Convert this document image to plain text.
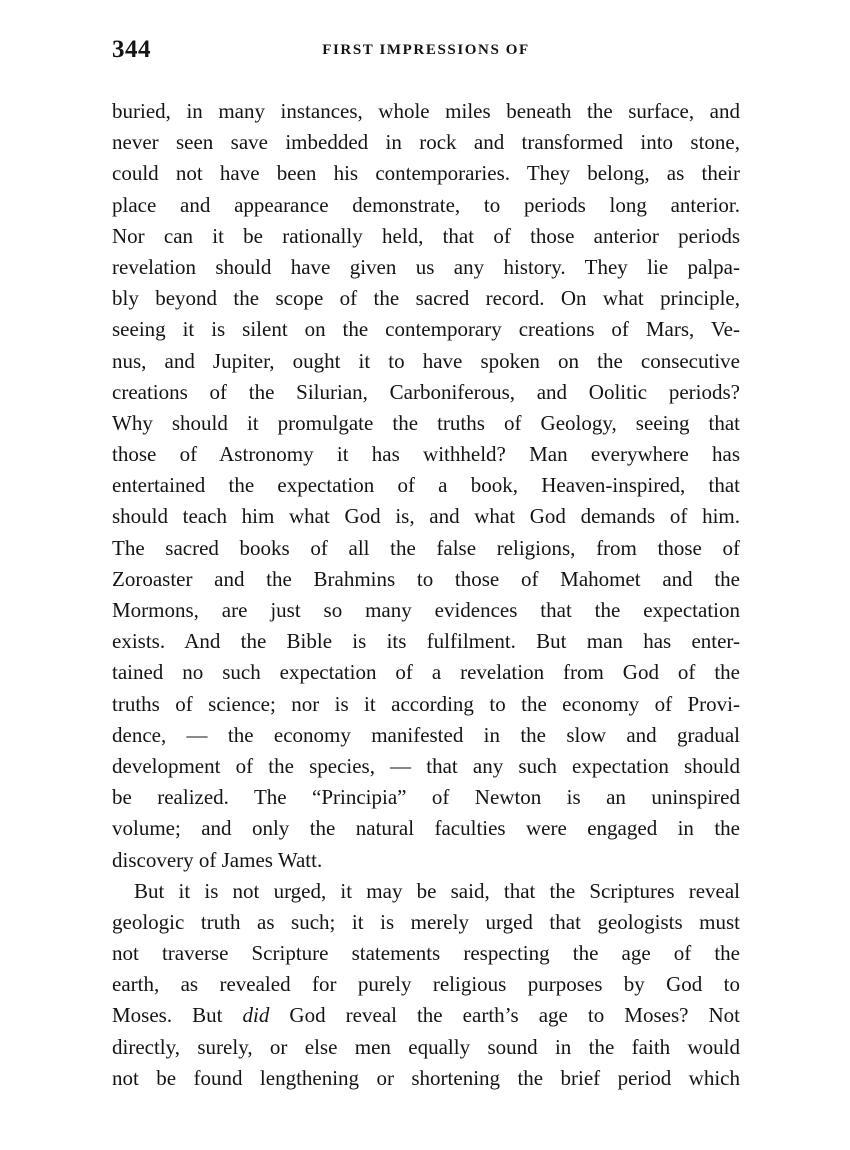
344	FIRST IMPRESSIONS OF
buried, in many instances, whole miles beneath the surface, and
never seen save imbedded in rock and transformed into stone,
could not have been his contemporaries. They belong, as their
place and appearance demonstrate, to periods long anterior.
Nor can it be rationally held, that of those anterior periods
revelation should have given us any history. They lie palpa-
bly beyond the scope of the sacred record. On what principle,
seeing it is silent on the contemporary creations of Mars, Ve-
nus, and Jupiter, ought it to have spoken on the consecutive
creations of the Silurian, Carboniferous, and Oolitic periods?
Why should it promulgate the truths of Geology, seeing that
those of Astronomy it has withheld? Man everywhere has
entertained the expectation of a book, Heaven-inspired, that
should teach him what God is, and what God demands of him.
The sacred books of all the false religions, from those of
Zoroaster and the Brahmins to those of Mahomet and the
Mormons, are just so many evidences that the expectation
exists. And the Bible is its fulfilment. But man has enter-
tained no such expectation of a revelation from God of the
truths of science; nor is it according to the economy of Provi-
dence, — the economy manifested in the slow and gradual
development of the species, — that any such expectation should
be realized. The “Principia” of Newton is an uninspired
volume; and only the natural faculties were engaged in the
discovery of James Watt.
But it is not urged, it may be said, that the Scriptures reveal
geologic truth as such; it is merely urged that geologists must
not traverse Scripture statements respecting the age of the
earth, as revealed for purely religious purposes by God to
Moses. But did God reveal the earth’s age to Moses? Not
directly, surely, or else men equally sound in the faith would
not be found lengthening or shortening the brief period which
